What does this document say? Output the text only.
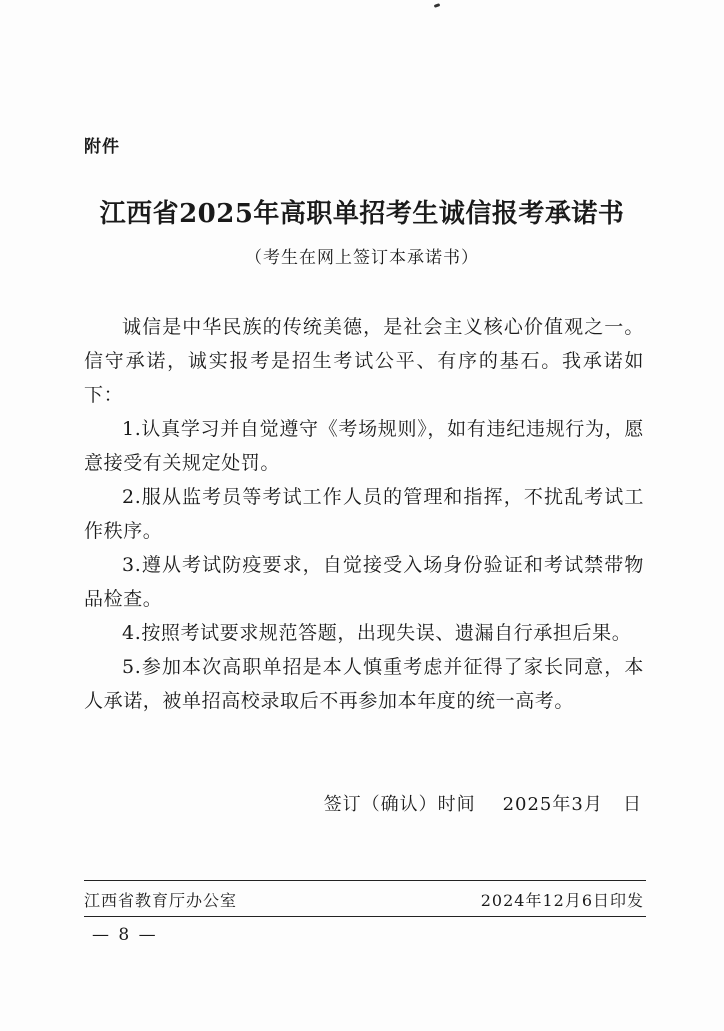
附件
江西省2025年高职单招考生诚信报考承诺书
（考生在网上签订本承诺书）

诚信是中华民族的传统美德，是社会主义核心价值观之一。信守承诺，诚实报考是招生考试公平、有序的基石。我承诺如下：

1.认真学习并自觉遵守《考场规则》，如有违纪违规行为，愿意接受有关规定处罚。

2.服从监考员等考试工作人员的管理和指挥，不扰乱考试工作秩序。

3.遵从考试防疫要求，自觉接受入场身份验证和考试禁带物品检查。

4.按照考试要求规范答题，出现失误、遗漏自行承担后果。

5.参加本次高职单招是本人慎重考虑并征得了家长同意，本人承诺，被单招高校录取后不再参加本年度的统一高考。

签订（确认）时间    2025年3月   日
江西省教育厅办公室	2024年12月6日印发
— 8 —
